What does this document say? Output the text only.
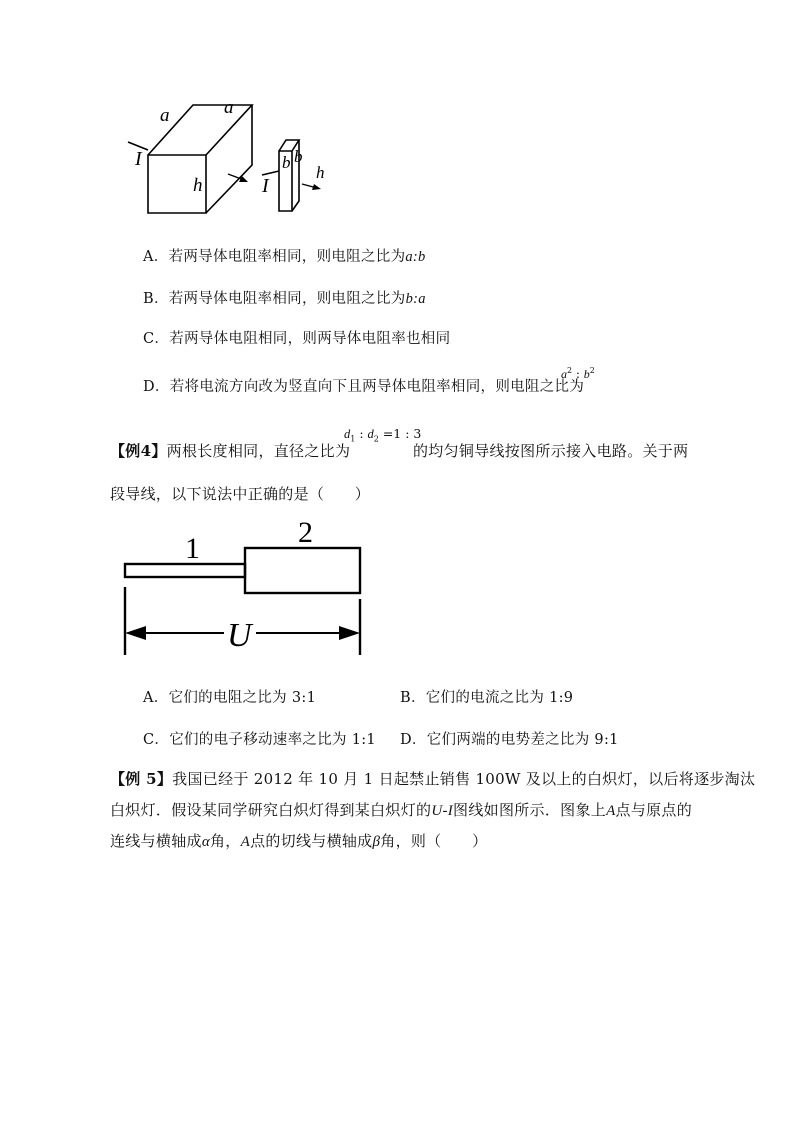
a	a
h
I	b b
h
I
A．若两导体电阻率相同，则电阻之比为a:b
B．若两导体电阻率相同，则电阻之比为b:a
C．若两导体电阻相同，则两导体电阻率也相同
D．若将电流方向改为竖直向下且两导体电阻率相同，则电阻之比为
$a^2$ : $b^2$
【例4】两根长度相同，直径之比为
$d_1$ : $d_2 =1$ : 3
的均匀铜导线按图所示接入电路。关于两
段导线，以下说法中正确的是（　　）
1	2
U
A．它们的电阻之比为 3:1	B．它们的电流之比为 1:9
C．它们的电子移动速率之比为 1:1 D．它们两端的电势差之比为 9:1
【例 5】我国已经于 2012 年 10 月 1 日起禁止销售 100W 及以上的白炽灯，以后将逐步淘汰
白炽灯．假设某同学研究白炽灯得到某白炽灯的U-I图线如图所示．图象上A点与原点的
连线与横轴成α角，A点的切线与横轴成β角，则（　　）
